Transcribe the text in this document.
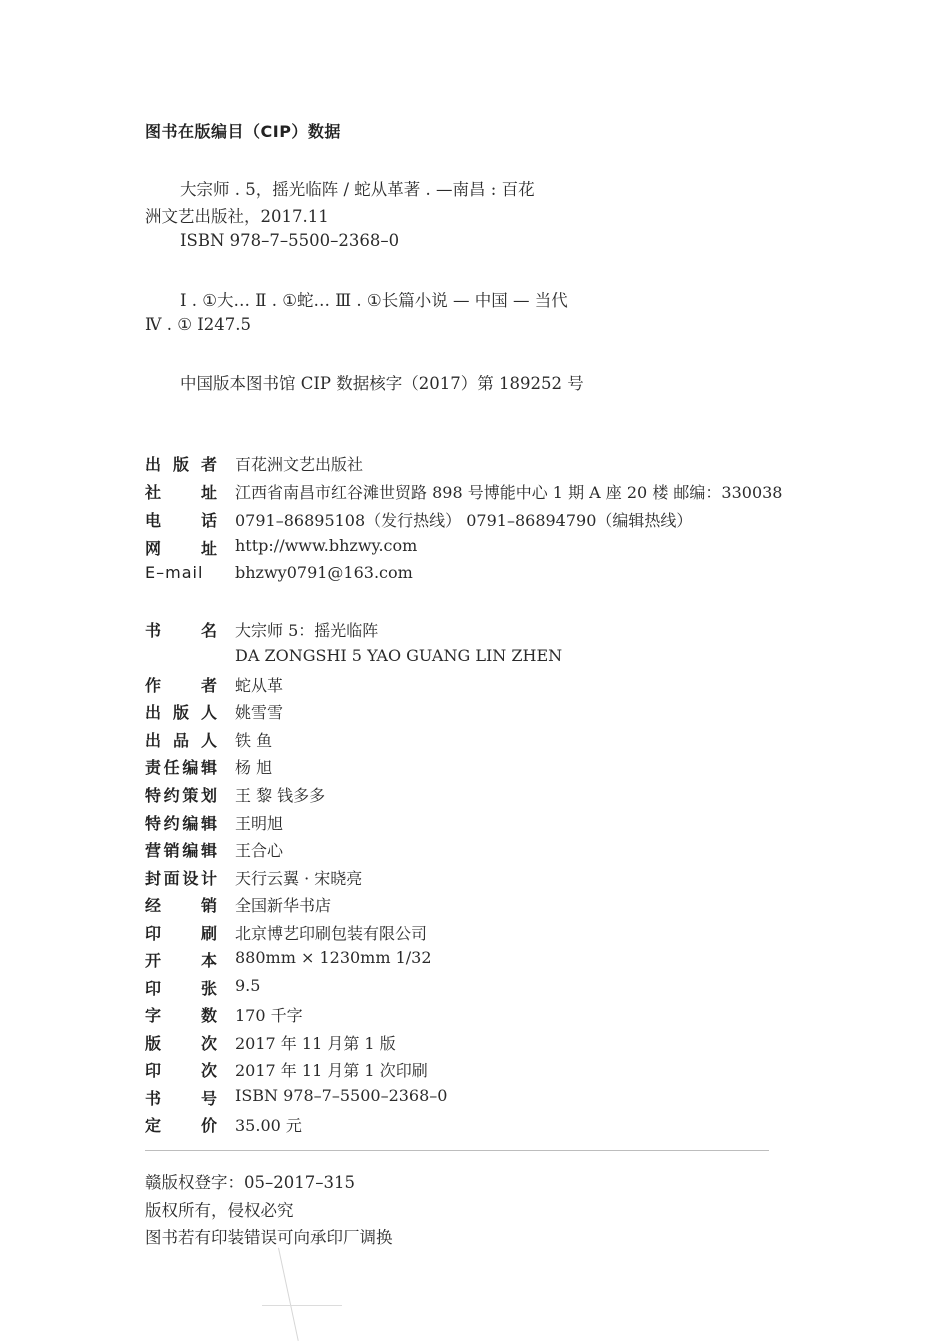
图书在版编目（CIP）数据
大宗师 . 5，摇光临阵 / 蛇从革著 . —南昌 : 百花
洲文艺出版社，2017.11
ISBN 978–7–5500–2368–0
Ⅰ . ①大… Ⅱ . ①蛇… Ⅲ . ①长篇小说 — 中国 — 当代
Ⅳ . ① I247.5
中国版本图书馆 CIP 数据核字（2017）第 189252 号
出 版 者 百花洲文艺出版社
社 址 江西省南昌市红谷滩世贸路 898 号博能中心 1 期 A 座 20 楼 邮编：330038
电 话 0791–86895108（发行热线） 0791–86894790（编辑热线）
网 址 http://www.bhzwy.com
E–mail	bhzwy0791@163.com
书 名 大宗师 5：摇光临阵
DA ZONGSHI 5 YAO GUANG LIN ZHEN
作 者 蛇从革
出 版 人 姚雪雪
出 品 人 铁 鱼
责任编辑 杨 旭
特约策划 王 黎 钱多多
特约编辑 王明旭
营销编辑 王合心
封面设计 天行云翼 · 宋晓亮
经 销 全国新华书店
印 刷 北京博艺印刷包装有限公司
开 本 880mm × 1230mm 1/32
印 张 9.5
字 数 170 千字
版 次 2017 年 11 月第 1 版
印 次 2017 年 11 月第 1 次印刷
书 号 ISBN 978–7–5500–2368–0
定 价 35.00 元
赣版权登字：05–2017–315
版权所有，侵权必究
图书若有印装错误可向承印厂调换
